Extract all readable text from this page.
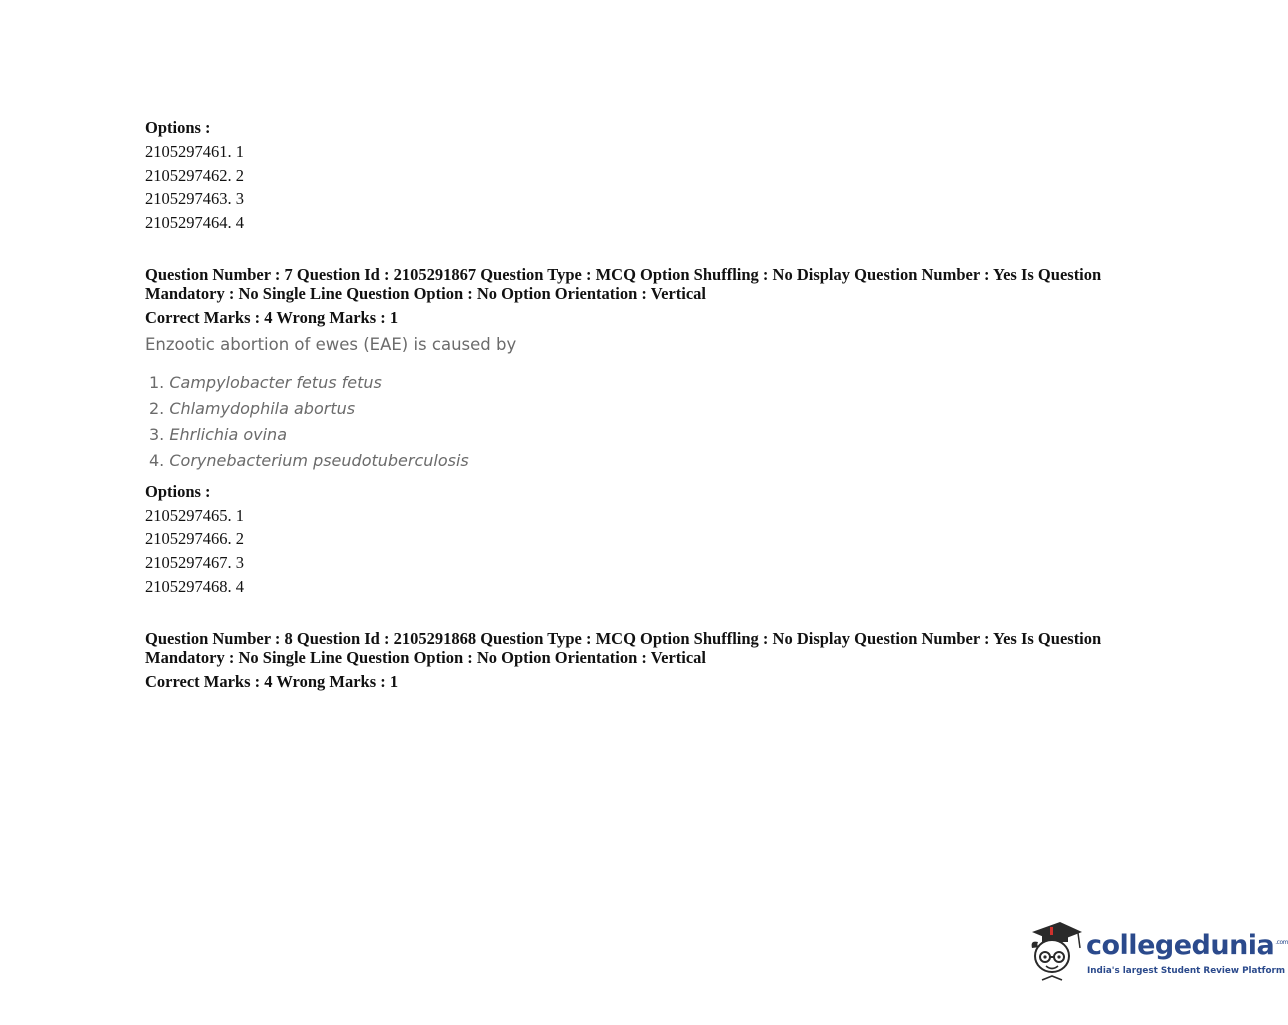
Options :
2105297461. 1
2105297462. 2
2105297463. 3
2105297464. 4
Question Number : 7 Question Id : 2105291867 Question Type : MCQ Option Shuffling : No Display Question Number : Yes Is Question
Mandatory : No Single Line Question Option : No Option Orientation : Vertical
Correct Marks : 4 Wrong Marks : 1
Enzootic abortion of ewes (EAE) is caused by
1. Campylobacter fetus fetus
2. Chlamydophila abortus
3. Ehrlichia ovina
4. Corynebacterium pseudotuberculosis
Options :
2105297465. 1
2105297466. 2
2105297467. 3
2105297468. 4
Question Number : 8 Question Id : 2105291868 Question Type : MCQ Option Shuffling : No Display Question Number : Yes Is Question
Mandatory : No Single Line Question Option : No Option Orientation : Vertical
Correct Marks : 4 Wrong Marks : 1
collegedunia$^{.com}$
India's largest Student Review Platform
